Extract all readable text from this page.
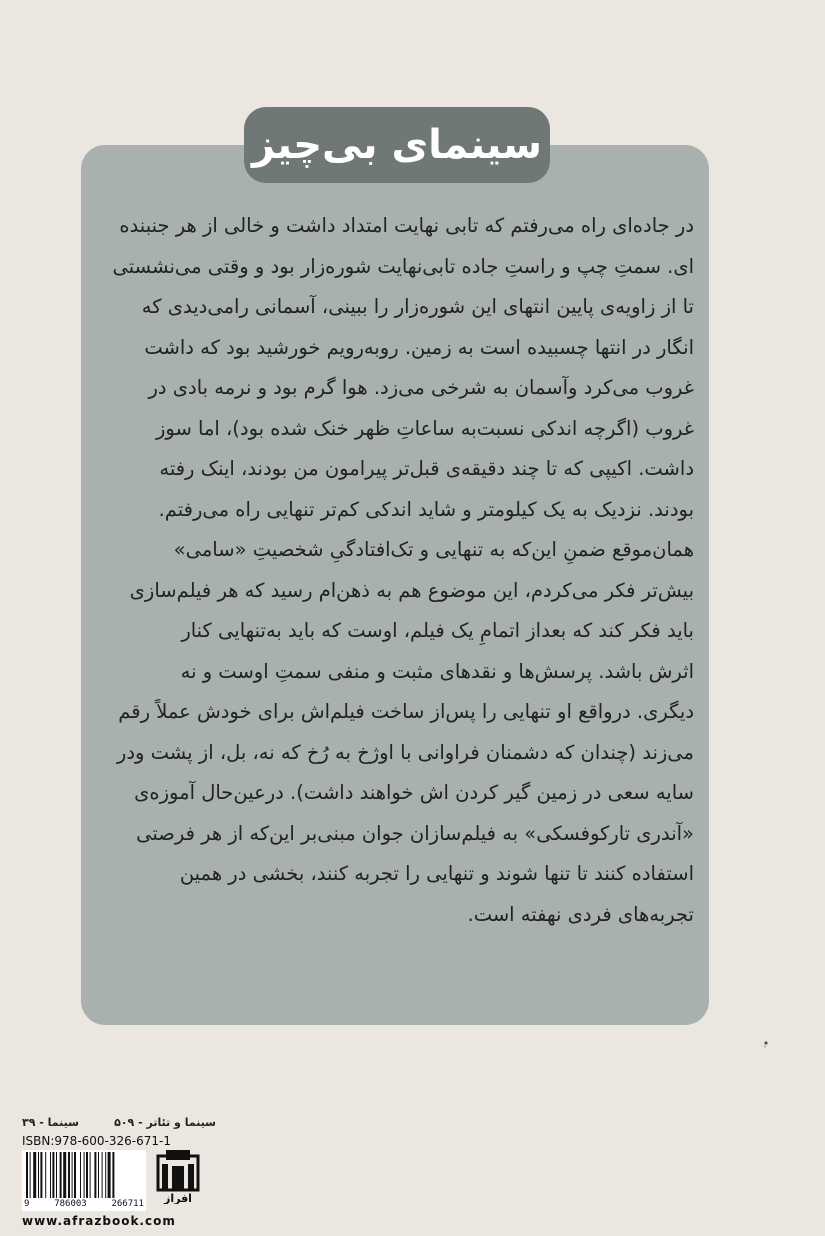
سینمای بی‌چیز
در جاده‌ای راه می‌رفتم که تابی نهایت امتداد داشت و خالی از هر جنبنده
ای. سمتِ چپ و راستِ جاده تابی‌نهایت شوره‌زار بود و وقتی می‌نشستی
تا از زاویه‌ی پایین انتهای این شوره‌زار را ببینی، آسمانی رامی‌دیدی که
انگار در انتها چسبیده است به زمین. روبه‌رویم خورشید بود که داشت
غروب می‌کرد وآسمان به شرخی می‌زد. هوا گرم بود و نرمه بادی در
غروب (اگرچه اندکی نسبت‌به ساعاتِ ظهر خنک شده بود)، اما سوز
داشت. اکیپی که تا چند دقیقه‌ی قبل‌تر پیرامون من بودند، اینک رفته
بودند. نزدیک به یک کیلومتر و شاید اندکی کم‌تر تنهایی راه می‌رفتم.
همان‌موقع ضمنِ این‌که به تنهایی و تک‌افتادگیِ شخصیتِ «سامی»
بیش‌تر فکر می‌کردم، این موضوع هم به ذهن‌ام رسید که هر فیلم‌سازی
باید فکر کند که بعداز اتمامِ یک فیلم، اوست که باید به‌تنهایی کنار
اثرش باشد. پرسش‌ها و نقدهای مثبت و منفی سمتِ اوست و نه
دیگری. درواقع او تنهایی را پس‌از ساخت فیلم‌اش برای خودش عملاً رقم
می‌زند (چندان که دشمنان فراوانی با اوژخ به رُخ که نه، بل، از پشت ودر
سایه سعی در زمین گیر کردن اش خواهند داشت). درعین‌حال آموزه‌ی
«آندری تارکوفسکی» به فیلم‌سازان جوان مبنی‌بر این‌که از هر فرصتی
استفاده کنند تا تنها شوند و تنهایی را تجربه کنند، بخشی در همین
تجربه‌های فردی نهفته است.
سینما - ۳۹	سینما و تئاتر - ۵۰۹
ISBN:978-600-326-671-1
9	786003	266711 افراز
www.afrazbook.com
